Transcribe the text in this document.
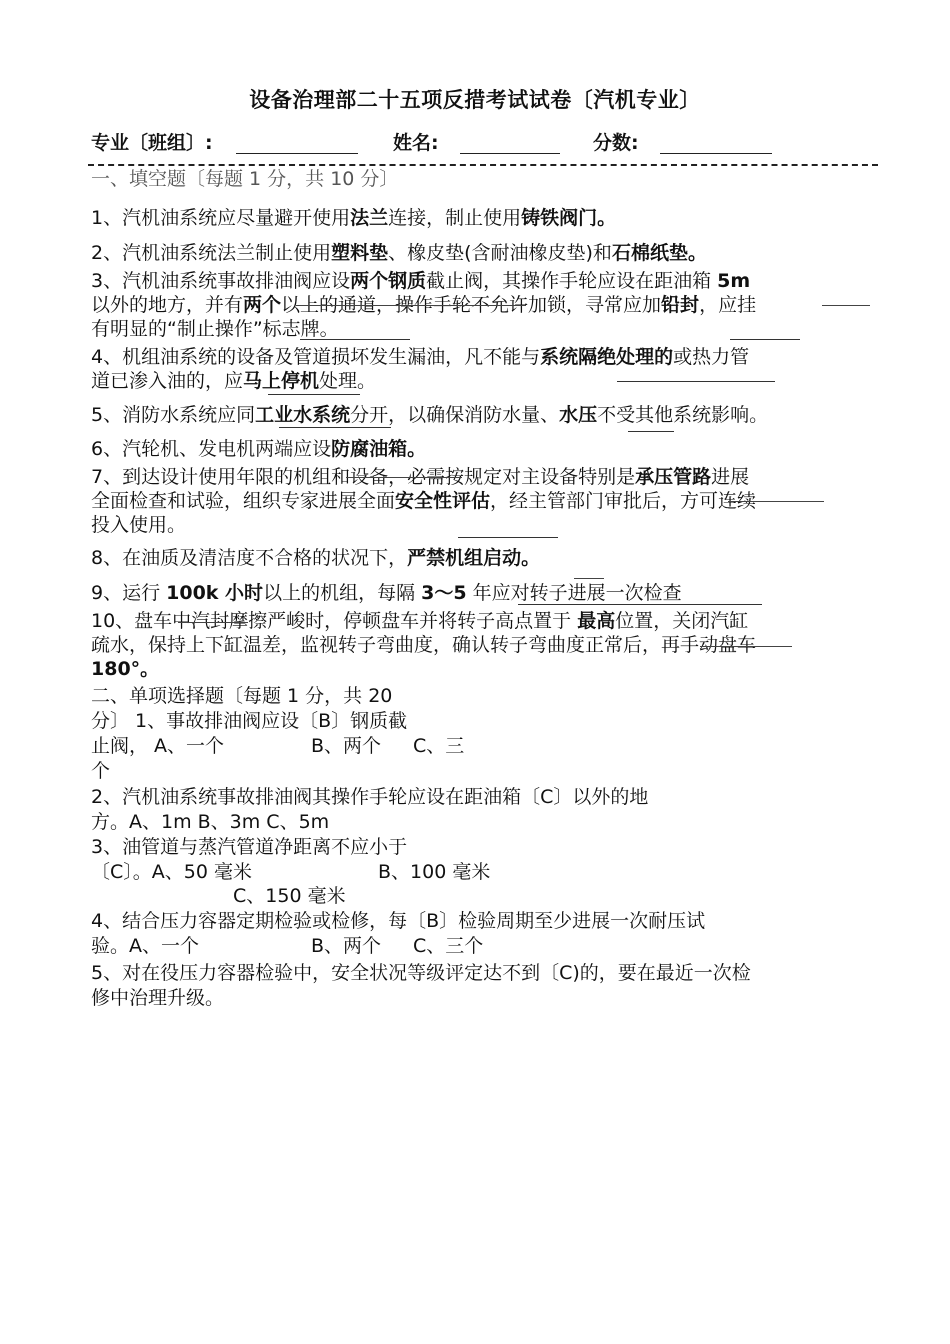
设备治理部二十五项反措考试试卷〔汽机专业〕
专业〔班组〕:	姓名:	分数:
一、填空题〔每题 1 分，共 10 分〕
1、汽机油系统应尽量避开使用法兰连接，制止使用铸铁阀门。
2、汽机油系统法兰制止使用塑料垫、橡皮垫(含耐油橡皮垫)和石棉纸垫。
3、汽机油系统事故排油阀应设两个钢质截止阀，其操作手轮应设在距油箱 5m
以外的地方，并有两个以上的通道，操作手轮不允许加锁，寻常应加铅封，应挂
有明显的“制止操作”标志牌。
4、机组油系统的设备及管道损坏发生漏油，凡不能与系统隔绝处理的或热力管
道已渗入油的，应马上停机处理。
5、消防水系统应同工业水系统分开，以确保消防水量、水压不受其他系统影响。
6、汽轮机、发电机两端应设防腐油箱。
7、到达设计使用年限的机组和设备，必需按规定对主设备特别是承压管路进展
全面检查和试验，组织专家进展全面安全性评估，经主管部门审批后，方可连续
投入使用。
8、在油质及清洁度不合格的状况下，严禁机组启动。
9、运行 100k 小时以上的机组，每隔 3～5 年应对转子进展一次检查
10、盘车中汽封摩擦严峻时，停顿盘车并将转子高点置于 最高位置，关闭汽缸
疏水，保持上下缸温差，监视转子弯曲度，确认转子弯曲度正常后，再手动盘车
180°。
二、单项选择题〔每题 1 分，共 20
分〕 1、事故排油阀应设〔B〕钢质截
止阀， A、一个	B、两个 C、三
个
2、汽机油系统事故排油阀其操作手轮应设在距油箱〔C〕以外的地
方。A、1m B、3m C、5m
3、油管道与蒸汽管道净距离不应小于
〔C〕。A、50 毫米	B、100 毫米
C、150 毫米
4、结合压力容器定期检验或检修，每〔B〕检验周期至少进展一次耐压试
验。A、一个	B、两个 C、三个
5、对在役压力容器检验中，安全状况等级评定达不到〔C)的，要在最近一次检
修中治理升级。
